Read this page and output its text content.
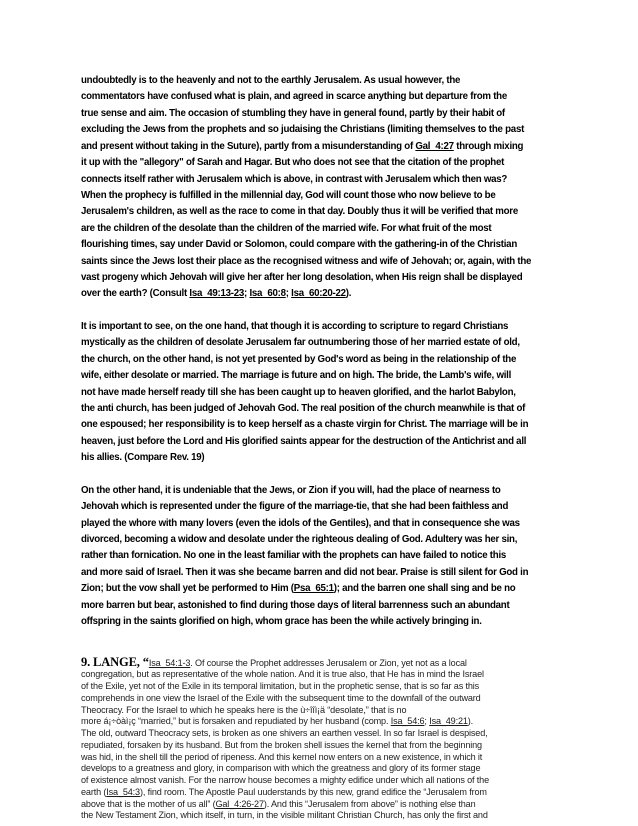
undoubtedly is to the heavenly and not to the earthly Jerusalem. As usual however, the
commentators have confused what is plain, and agreed in scarce anything but departure from the
true sense and aim. The occasion of stumbling they have in general found, partly by their habit of
excluding the Jews from the prophets and so judaising the Christians (limiting themselves to the past
and present without taking in the Suture), partly from a misunderstanding of Gal_4:27 through mixing
it up with the "allegory" of Sarah and Hagar. But who does not see that the citation of the prophet
connects itself rather with Jerusalem which is above, in contrast with Jerusalem which then was?
When the prophecy is fulfilled in the millennial day, God will count those who now believe to be
Jerusalem's children, as well as the race to come in that day. Doubly thus it will be verified that more
are the children of the desolate than the children of the married wife. For what fruit of the most
flourishing times, say under David or Solomon, could compare with the gathering-in of the Christian
saints since the Jews lost their place as the recognised witness and wife of Jehovah; or, again, with the
vast progeny which Jehovah will give her after her long desolation, when His reign shall be displayed
over the earth? (Consult Isa_49:13-23; Isa_60:8; Isa_60:20-22).
It is important to see, on the one hand, that though it is according to scripture to regard Christians
mystically as the children of desolate Jerusalem far outnumbering those of her married estate of old,
the church, on the other hand, is not yet presented by God's word as being in the relationship of the
wife, either desolate or married. The marriage is future and on high. The bride, the Lamb's wife, will
not have made herself ready till she has been caught up to heaven glorified, and the harlot Babylon,
the anti church, has been judged of Jehovah God. The real position of the church meanwhile is that of
one espoused; her responsibility is to keep herself as a chaste virgin for Christ. The marriage will be in
heaven, just before the Lord and His glorified saints appear for the destruction of the Antichrist and all
his allies. (Compare Rev. 19)
On the other hand, it is undeniable that the Jews, or Zion if you will, had the place of nearness to
Jehovah which is represented under the figure of the marriage-tie, that she had been faithless and
played the whore with many lovers (even the idols of the Gentiles), and that in consequence she was
divorced, becoming a widow and desolate under the righteous dealing of God. Adultery was her sin,
rather than fornication. No one in the least familiar with the prophets can have failed to notice this
and more said of Israel. Then it was she became barren and did not bear. Praise is still silent for God in
Zion; but the vow shall yet be performed to Him (Psa_65:1); and the barren one shall sing and be no
more barren but bear, astonished to find during those days of literal barrenness such an abundant
offspring in the saints glorified on high, whom grace has been the while actively bringing in.
9. LANGE, “Isa_54:1-3. Of course the Prophet addresses Jerusalem or Zion, yet not as a local
congregation, but as representative of the whole nation. And it is true also, that He has in mind the Israel
of the Exile, yet not of the Exile in its temporal limitation, but in the prophetic sense, that is so far as this
comprehends in one view the Israel of the Exile with the subsequent time to the downfall of the outward
Theocracy. For the Israel to which he speaks here is the ù÷îîì¡ä “desolate,” that is no
more á¡÷òàì¡ç “married,” but is forsaken and repudiated by her husband (comp. Isa_54:6; Isa_49:21).
The old, outward Theocracy sets, is broken as one shivers an earthen vessel. In so far Israel is despised,
repudiated, forsaken by its husband. But from the broken shell issues the kernel that from the beginning
was hid, in the shell till the period of ripeness. And this kernel now enters on a new existence, in which it
develops to a greatness and glory, in comparison with which the greatness and glory of its former stage
of existence almost vanish. For the narrow house becomes a mighty edifice under which all nations of the
earth (Isa_54:3), find room. The Apostle Paul uuderstands by this new, grand edifice the “Jerusalem from
above that is the mother of us all” (Gal_4:26-27). And this “Jerusalem from above” is nothing else than
the New Testament Zion, which itself, in turn, in the visible militant Christian Church, has only the first and
